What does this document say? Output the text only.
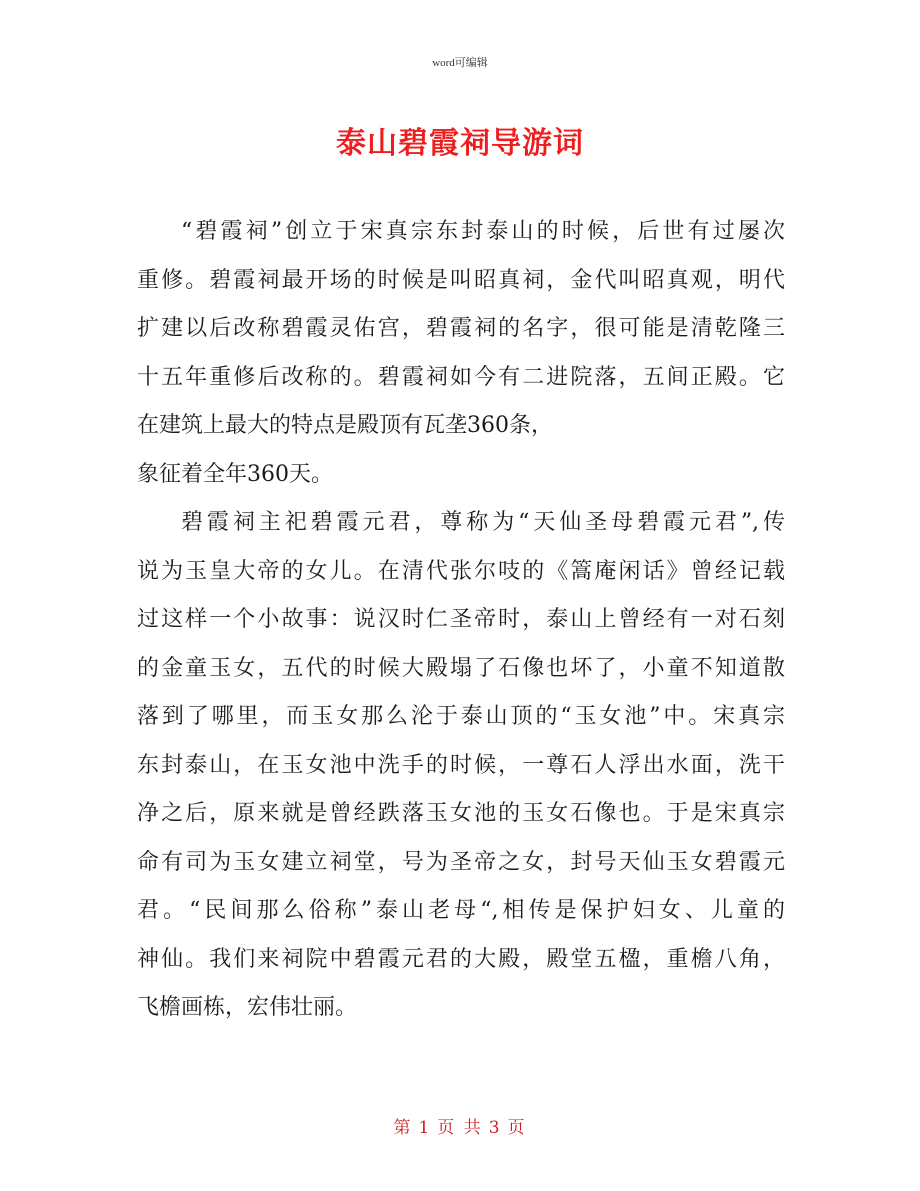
word可编辑
泰山碧霞祠导游词
“碧霞祠”创立于宋真宗东封泰山的时候，后世有过屡次
重修。碧霞祠最开场的时候是叫昭真祠，金代叫昭真观，明代
扩建以后改称碧霞灵佑宫，碧霞祠的名字，很可能是清乾隆三
十五年重修后改称的。碧霞祠如今有二进院落，五间正殿。它
在建筑上最大的特点是殿顶有瓦垄360条，
象征着全年360天。
碧霞祠主祀碧霞元君，尊称为“天仙圣母碧霞元君”,传
说为玉皇大帝的女儿。在清代张尔吱的《篙庵闲话》曾经记载
过这样一个小故事：说汉时仁圣帝时，泰山上曾经有一对石刻
的金童玉女，五代的时候大殿塌了石像也坏了，小童不知道散
落到了哪里，而玉女那么沦于泰山顶的“玉女池”中。宋真宗
东封泰山，在玉女池中洗手的时候，一尊石人浮出水面，洗干
净之后，原来就是曾经跌落玉女池的玉女石像也。于是宋真宗
命有司为玉女建立祠堂，号为圣帝之女，封号天仙玉女碧霞元
君。“民间那么俗称”泰山老母“,相传是保护妇女、儿童的
神仙。我们来祠院中碧霞元君的大殿，殿堂五楹，重檐八角，
飞檐画栋，宏伟壮丽。
第 1 页 共 3 页
